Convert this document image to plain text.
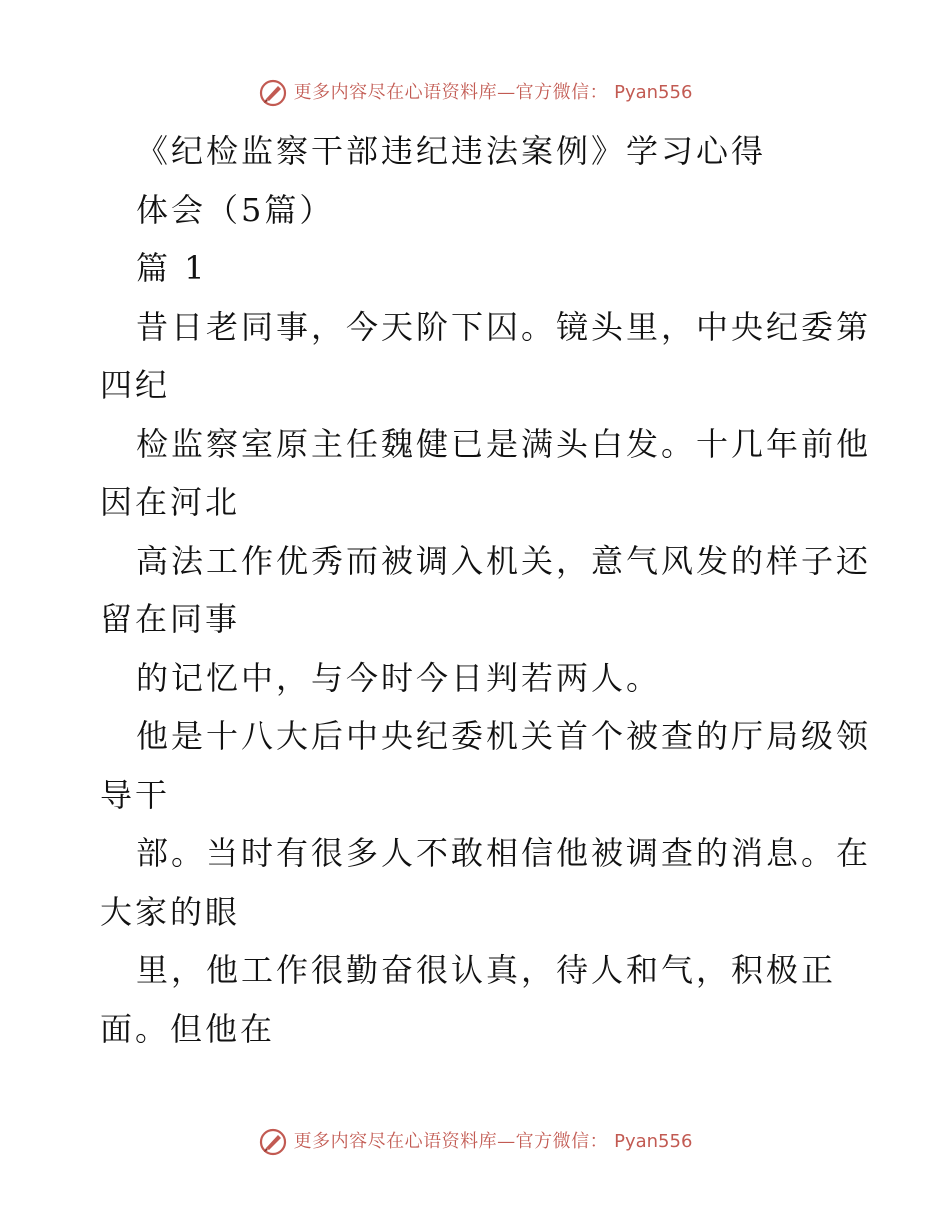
更多内容尽在心语资料库—官方微信： Pyan556
《纪检监察干部违纪违法案例》学习心得
体会（5篇）
篇 1
昔日老同事，今天阶下囚。镜头里，中央纪委第
四纪
检监察室原主任魏健已是满头白发。十几年前他
因在河北
高法工作优秀而被调入机关，意气风发的样子还
留在同事
的记忆中，与今时今日判若两人。
他是十八大后中央纪委机关首个被查的厅局级领
导干
部。当时有很多人不敢相信他被调查的消息。在
大家的眼
里，他工作很勤奋很认真，待人和气，积极正
面。但他在
更多内容尽在心语资料库—官方微信： Pyan556
